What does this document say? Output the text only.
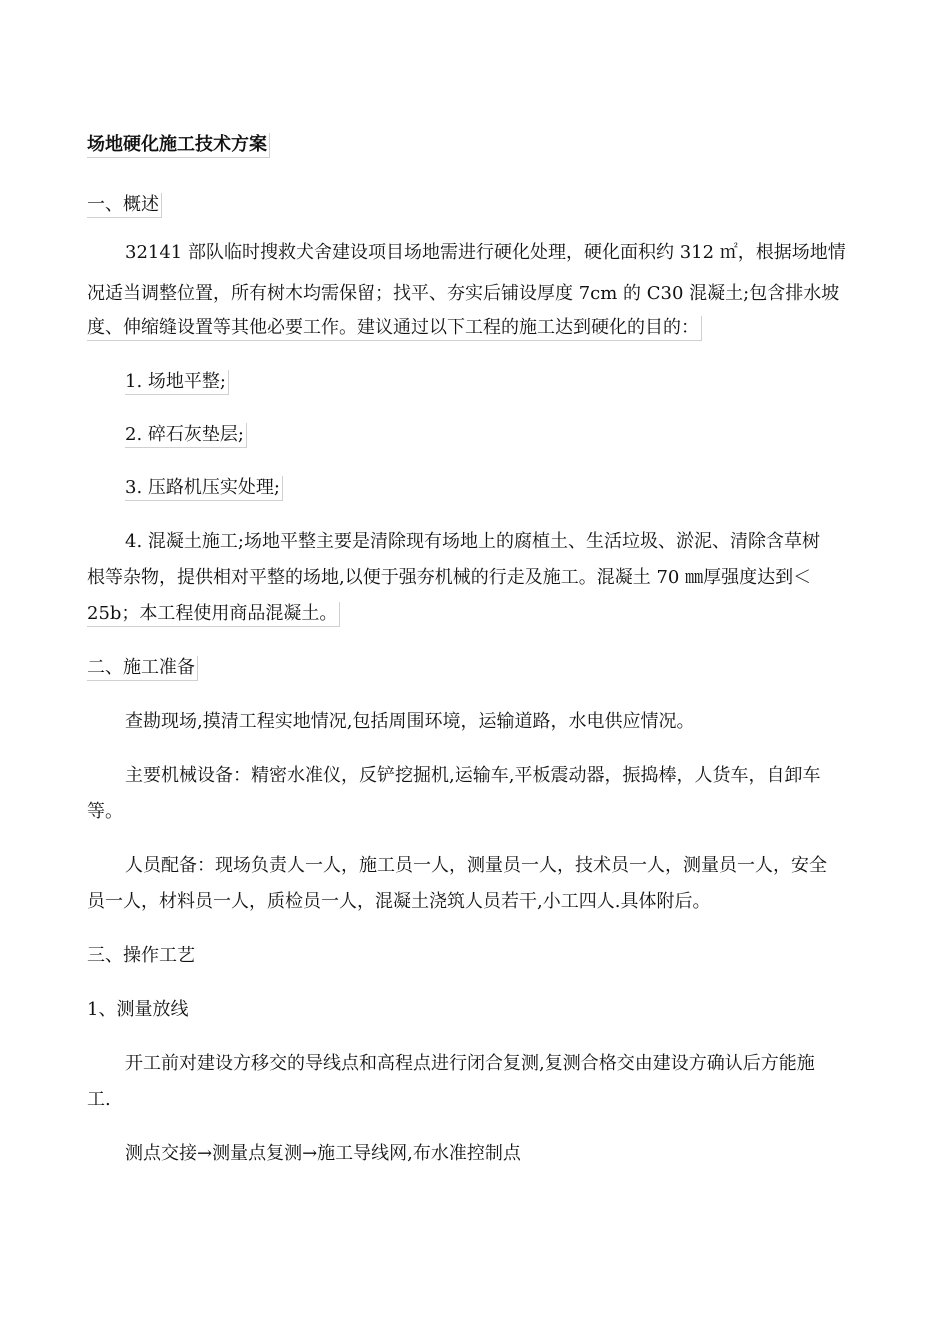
场地硬化施工技术方案

一、概述

32141 部队临时搜救犬舍建设项目场地需进行硬化处理，硬化面积约 312 ㎡，根据场地情

况适当调整位置，所有树木均需保留；找平、夯实后铺设厚度 7cm 的 C30 混凝土;包含排水坡

度、伸缩缝设置等其他必要工作。建议通过以下工程的施工达到硬化的目的：

1. 场地平整;

2. 碎石灰垫层;

3. 压路机压实处理;

4. 混凝土施工;场地平整主要是清除现有场地上的腐植土、生活垃圾、淤泥、清除含草树

根等杂物，提供相对平整的场地,以便于强夯机械的行走及施工。混凝土 70 ㎜厚强度达到＜

25b；本工程使用商品混凝土。

二、施工准备

查勘现场,摸清工程实地情况,包括周围环境，运输道路，水电供应情况。

主要机械设备：精密水准仪，反铲挖掘机,运输车,平板震动器，振捣棒，人货车，自卸车

等。

人员配备：现场负责人一人，施工员一人，测量员一人，技术员一人，测量员一人，安全

员一人，材料员一人，质检员一人，混凝土浇筑人员若干,小工四人.具体附后。

三、操作工艺

1、测量放线

开工前对建设方移交的导线点和高程点进行闭合复测,复测合格交由建设方确认后方能施

工.

测点交接→测量点复测→施工导线网,布水准控制点
